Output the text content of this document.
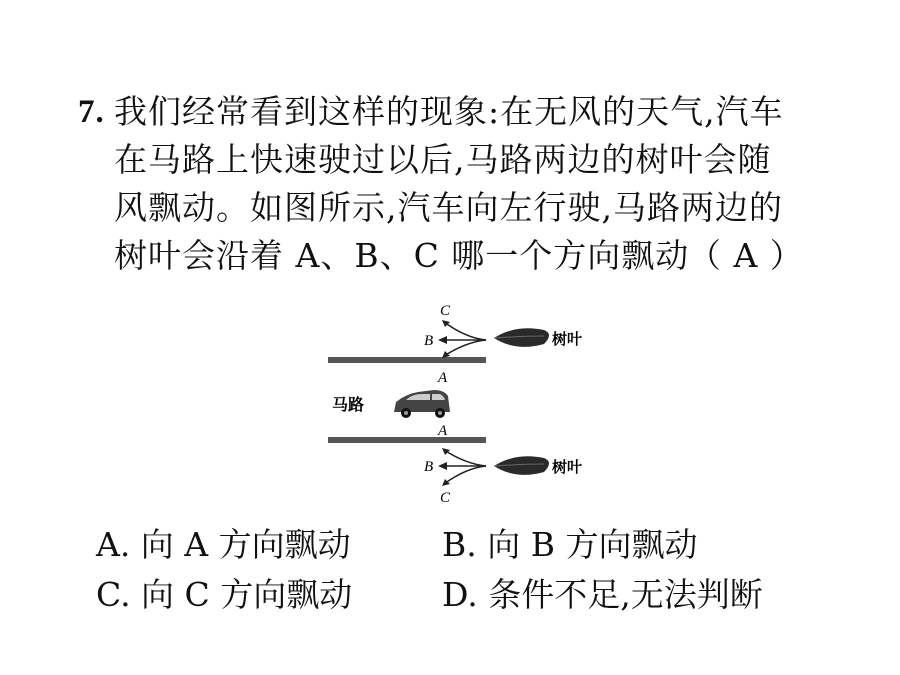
7. 我们经常看到这样的现象:在无风的天气,汽车
在马路上快速驶过以后,马路两边的树叶会随
风飘动。如图所示,汽车向左行驶,马路两边的
树叶会沿着 A、B、C 哪一个方向飘动
（ A ）
C
B
A
树叶
马路
A
B
C
树叶
A. 向 A 方向飘动	B. 向 B 方向飘动
C. 向 C 方向飘动	D. 条件不足,无法判断
